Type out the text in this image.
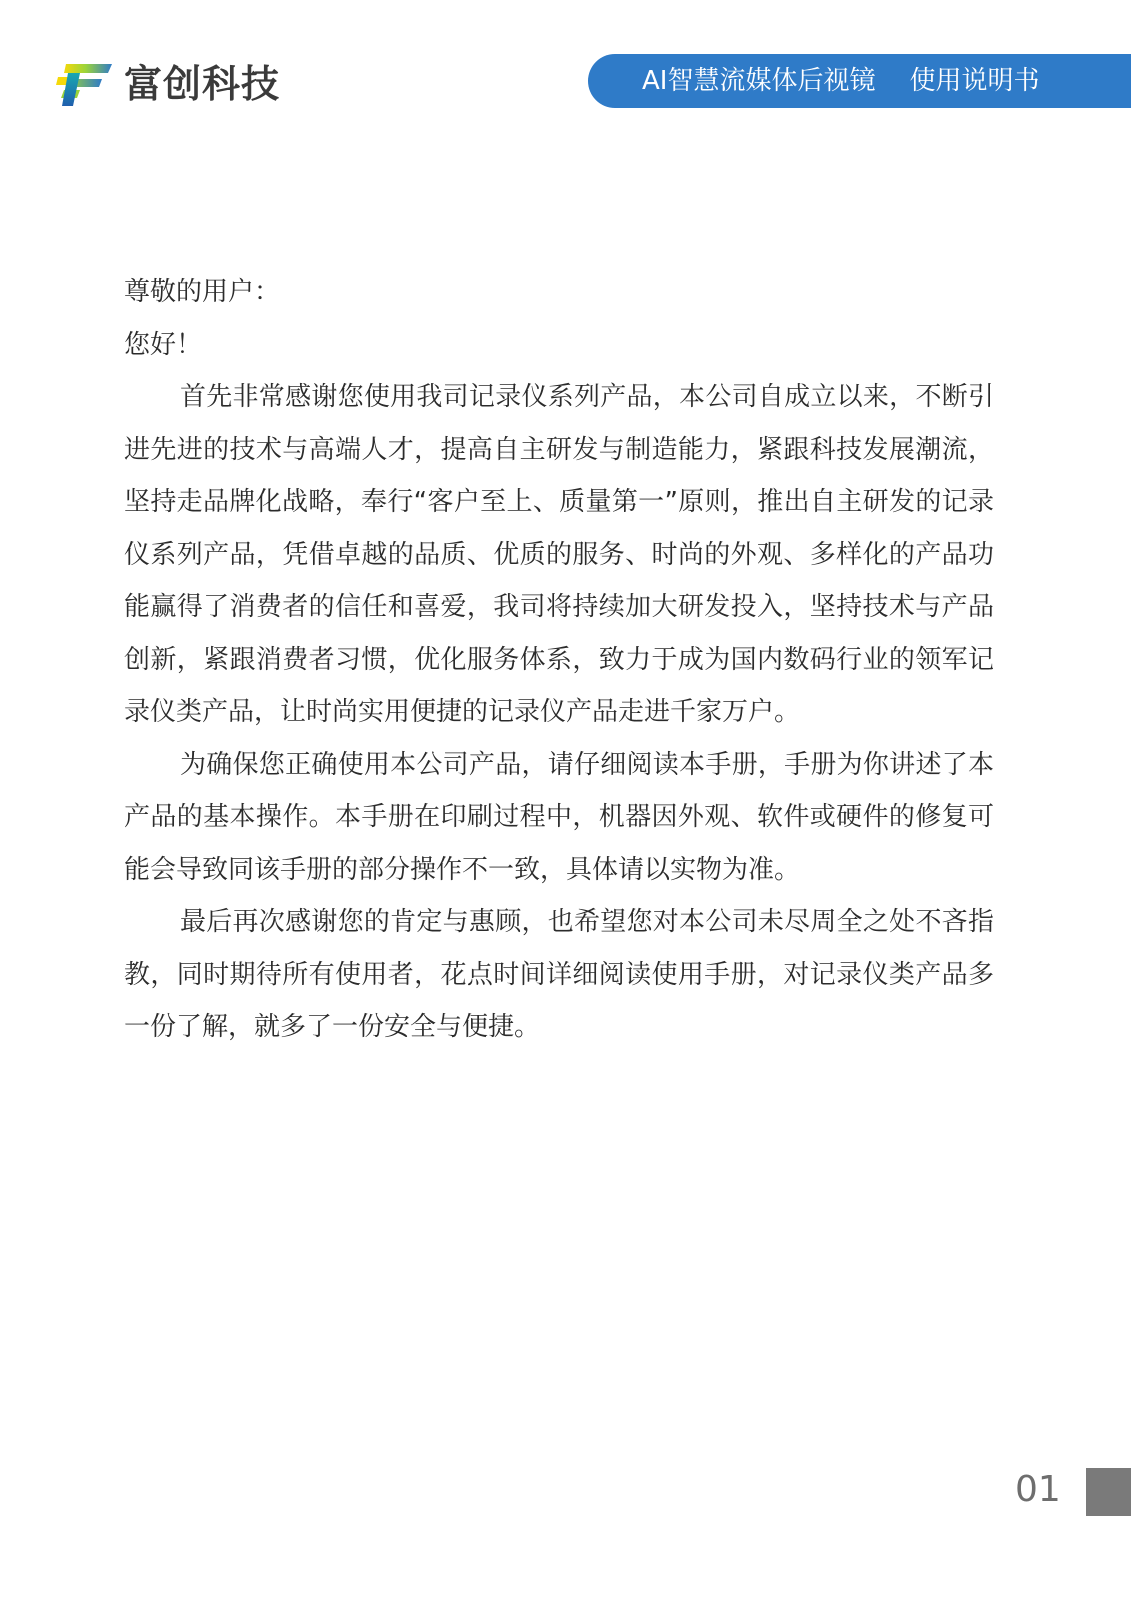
富创科技	AI智慧流媒体后视镜 使用说明书

尊敬的用户：

您好！

首先非常感谢您使用我司记录仪系列产品，本公司自成立以来，不断引进先进的技术与高端人才，提高自主研发与制造能力，紧跟科技发展潮流，坚持走品牌化战略，奉行“客户至上、质量第一”原则，推出自主研发的记录仪系列产品，凭借卓越的品质、优质的服务、时尚的外观、多样化的产品功能赢得了消费者的信任和喜爱，我司将持续加大研发投入，坚持技术与产品创新，紧跟消费者习惯，优化服务体系，致力于成为国内数码行业的领军记录仪类产品，让时尚实用便捷的记录仪产品走进千家万户。

为确保您正确使用本公司产品，请仔细阅读本手册，手册为你讲述了本产品的基本操作。本手册在印刷过程中，机器因外观、软件或硬件的修复可能会导致同该手册的部分操作不一致，具体请以实物为准。

最后再次感谢您的肯定与惠顾，也希望您对本公司未尽周全之处不吝指教，同时期待所有使用者，花点时间详细阅读使用手册，对记录仪类产品多一份了解，就多了一份安全与便捷。

01
